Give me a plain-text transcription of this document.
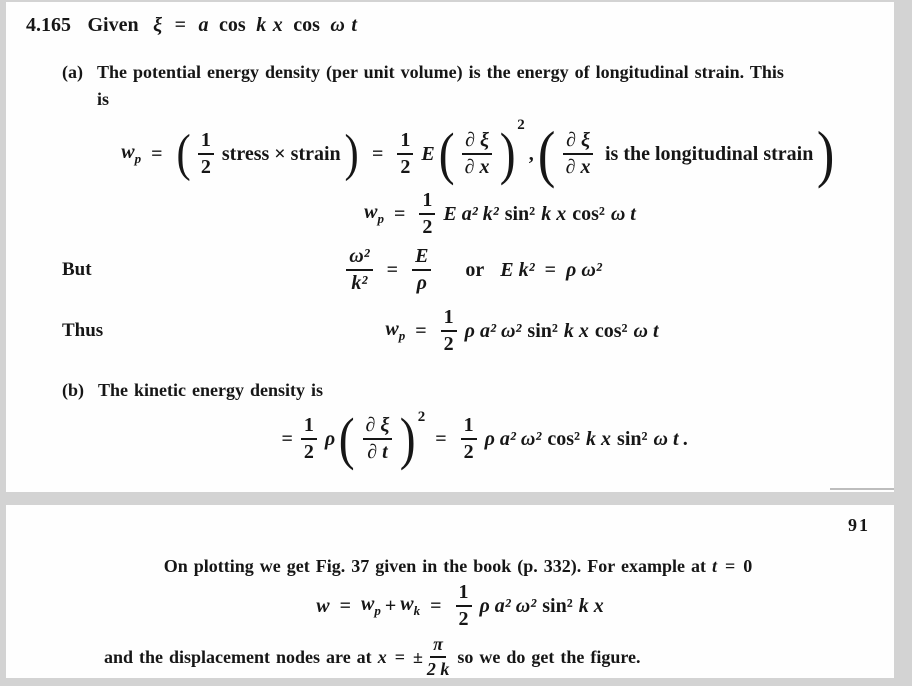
4.165 Given ξ = a cos k x cos ω t
(a) The potential energy density (per unit volume) is the energy of longitudinal strain. This
is
$w_p$ = ( $\frac{1}{2}$ stress × strain ) = $\frac{1}{2}$ E ( $\frac{\partial \xi}{\partial x}$ ) 2
, ( $\frac{\partial \xi}{\partial x}$ is the longitudinal strain )
$w_p = \frac{1}{2}$ E a² k² sin² k x cos² ω t
But	$\frac{\text{ω²}}{\text{k²}} = \frac{E}{\rho}$ or E k² = ρ ω²
Thus	$w_p = \frac{1}{2}$ ρ a² ω² sin² k x cos² ω t
(b) The kinetic energy density is
= $\frac{1}{2}$ ρ ( $\frac{\partial \xi}{\partial t}$ ) 2
= $\frac{1}{2}$ ρ a² ω² cos² k x sin² ω t .
91
On plotting we get Fig. 37 given in the book (p. 332). For example at t = 0
$w = w_p + w_k = \frac{1}{2}$ ρ a² ω² sin² k x
and the displacement nodes are at x = ± $\frac{\pi}{2 k}$ so we do get the figure.
